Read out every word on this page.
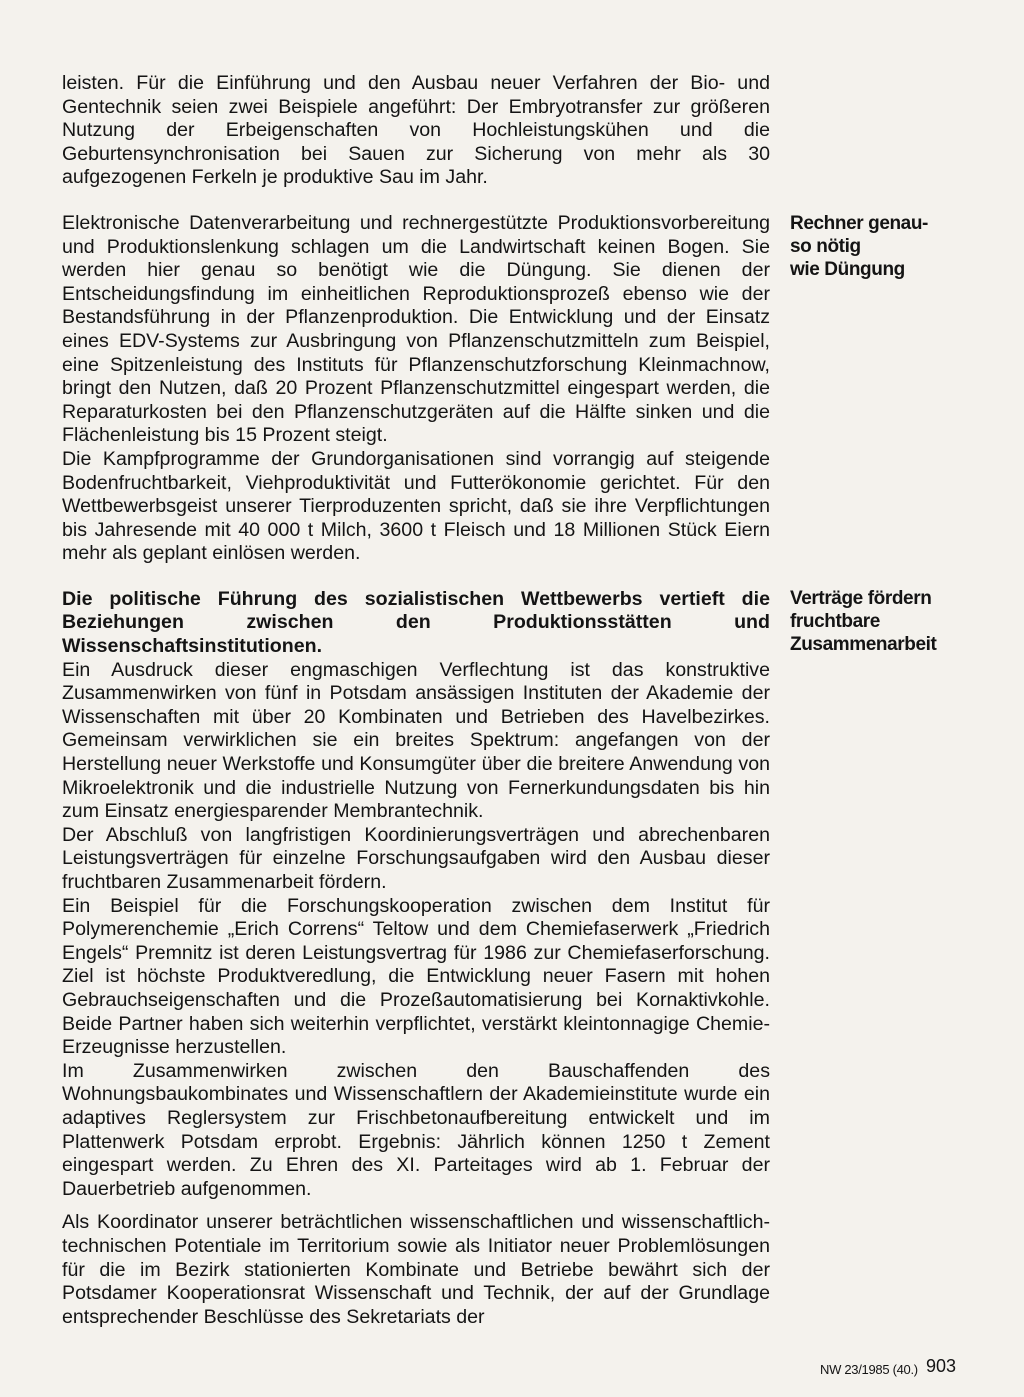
leisten. Für die Einführung und den Ausbau neuer Verfahren der Bio- und Gentechnik seien zwei Beispiele angeführt: Der Embryotransfer zur größeren Nutzung der Erbeigenschaften von Hochleistungskühen und die Geburtensynchronisation bei Sauen zur Sicherung von mehr als 30 aufgezogenen Ferkeln je produktive Sau im Jahr.

Elektronische Datenverarbeitung und rechnergestützte Produktionsvorbereitung und Produktionslenkung schlagen um die Landwirtschaft keinen Bogen. Sie werden hier genau so benötigt wie die Düngung. Sie dienen der Entscheidungsfindung im einheitlichen Reproduktionsprozeß ebenso wie der Bestandsführung in der Pflanzenproduktion. Die Entwicklung und der Einsatz eines EDV-Systems zur Ausbringung von Pflanzenschutzmitteln zum Beispiel, eine Spitzenleistung des Instituts für Pflanzenschutzforschung Kleinmachnow, bringt den Nutzen, daß 20 Prozent Pflanzenschutzmittel eingespart werden, die Reparaturkosten bei den Pflanzenschutzgeräten auf die Hälfte sinken und die Flächenleistung bis 15 Prozent steigt.

Die Kampfprogramme der Grundorganisationen sind vorrangig auf steigende Bodenfruchtbarkeit, Viehproduktivität und Futterökonomie gerichtet. Für den Wettbewerbsgeist unserer Tierproduzenten spricht, daß sie ihre Verpflichtungen bis Jahresende mit 40 000 t Milch, 3600 t Fleisch und 18 Millionen Stück Eiern mehr als geplant einlösen werden.

Die politische Führung des sozialistischen Wettbewerbs vertieft die Beziehungen zwischen den Produktionsstätten und Wissenschaftsinstitutionen.

Ein Ausdruck dieser engmaschigen Verflechtung ist das konstruktive Zusammenwirken von fünf in Potsdam ansässigen Instituten der Akademie der Wissenschaften mit über 20 Kombinaten und Betrieben des Havelbezirkes. Gemeinsam verwirklichen sie ein breites Spektrum: angefangen von der Herstellung neuer Werkstoffe und Konsumgüter über die breitere Anwendung von Mikroelektronik und die industrielle Nutzung von Fernerkundungsdaten bis hin zum Einsatz energiesparender Membrantechnik.

Der Abschluß von langfristigen Koordinierungsverträgen und abrechenbaren Leistungsverträgen für einzelne Forschungsaufgaben wird den Ausbau dieser fruchtbaren Zusammenarbeit fördern.

Ein Beispiel für die Forschungskooperation zwischen dem Institut für Polymerenchemie „Erich Correns“ Teltow und dem Chemiefaserwerk „Friedrich Engels“ Premnitz ist deren Leistungsvertrag für 1986 zur Chemiefaserforschung. Ziel ist höchste Produktveredlung, die Entwicklung neuer Fasern mit hohen Gebrauchseigenschaften und die Prozeßautomatisierung bei Kornaktivkohle. Beide Partner haben sich weiterhin verpflichtet, verstärkt kleintonnagige Chemie-Erzeugnisse herzustellen.

Im Zusammenwirken zwischen den Bauschaffenden des Wohnungsbaukombinates und Wissenschaftlern der Akademieinstitute wurde ein adaptives Reglersystem zur Frischbetonaufbereitung entwickelt und im Plattenwerk Potsdam erprobt. Ergebnis: Jährlich können 1250 t Zement eingespart werden. Zu Ehren des XI. Parteitages wird ab 1. Februar der Dauerbetrieb aufgenommen.

Als Koordinator unserer beträchtlichen wissenschaftlichen und wissenschaftlich-technischen Potentiale im Territorium sowie als Initiator neuer Problemlösungen für die im Bezirk stationierten Kombinate und Betriebe bewährt sich der Potsdamer Kooperationsrat Wissenschaft und Technik, der auf der Grundlage entsprechender Beschlüsse des Sekretariats der

Rechner genau-
so nötig
wie Düngung
Verträge fördern
fruchtbare
Zusammenarbeit
NW 23/1985 (40.) 903
